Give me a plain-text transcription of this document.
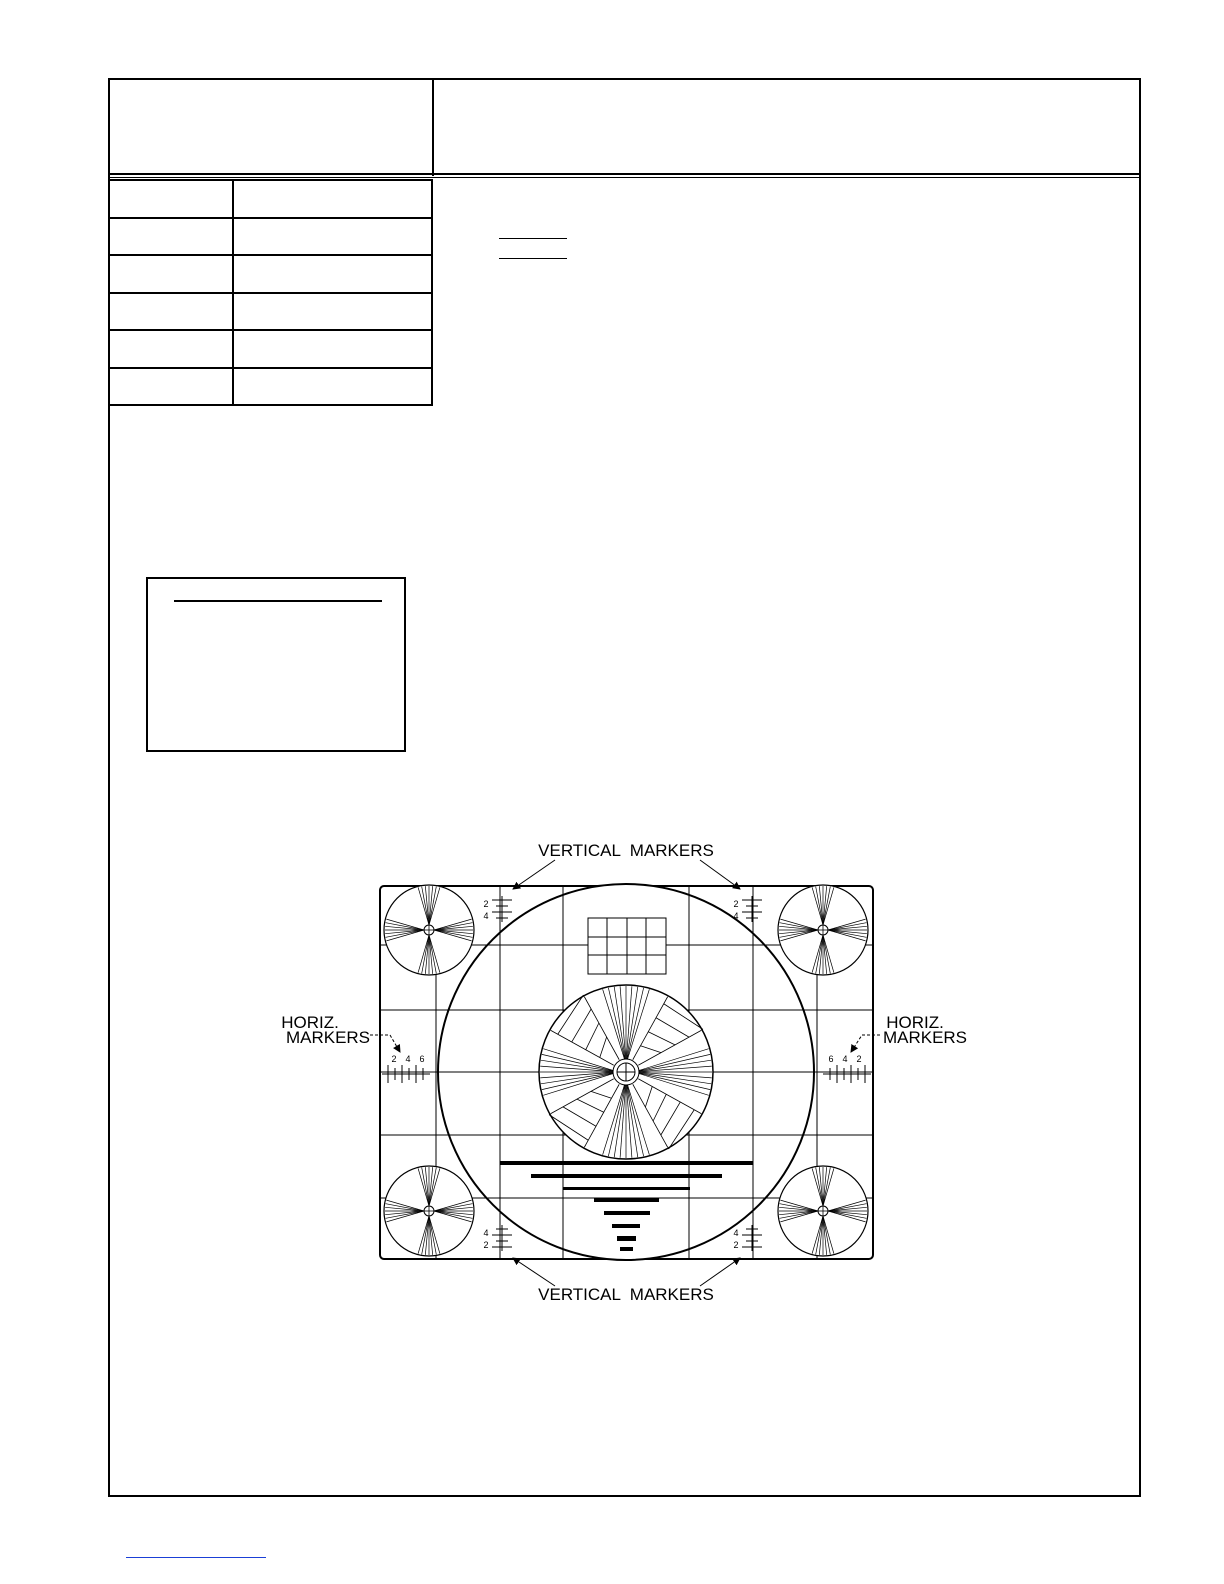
2
4
2
4
2
4
2
4
2 4 6	2
4
6
VERTICAL  MARKERS
VERTICAL  MARKERS
HORIZ.
MARKERS
HORIZ.
MARKERS
